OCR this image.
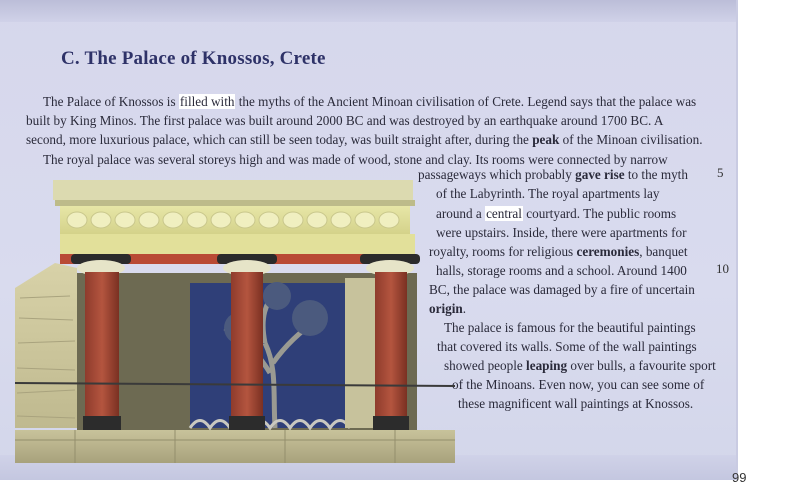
99
C. The Palace of Knossos, Crete
The Palace of Knossos is filled with the myths of the Ancient Minoan civilisation of Crete. Legend says that the palace was
built by King Minos. The first palace was built around 2000 BC and was destroyed by an earthquake around 1700 BC. A
second, more luxurious palace, which can still be seen today, was built straight after, during the peak of the Minoan civilisation.
The royal palace was several storeys high and was made of wood, stone and clay. Its rooms were connected by narrow
passageways which probably gave rise to the myth
of the Labyrinth. The royal apartments lay
around a central courtyard. The public rooms
were upstairs. Inside, there were apartments for
royalty, rooms for religious ceremonies, banquet
halls, storage rooms and a school. Around 1400
BC, the palace was damaged by a fire of uncertain
origin.
The palace is famous for the beautiful paintings
that covered its walls. Some of the wall paintings
showed people leaping over bulls, a favourite sport
of the Minoans. Even now, you can see some of
these magnificent wall paintings at Knossos.
5
10
